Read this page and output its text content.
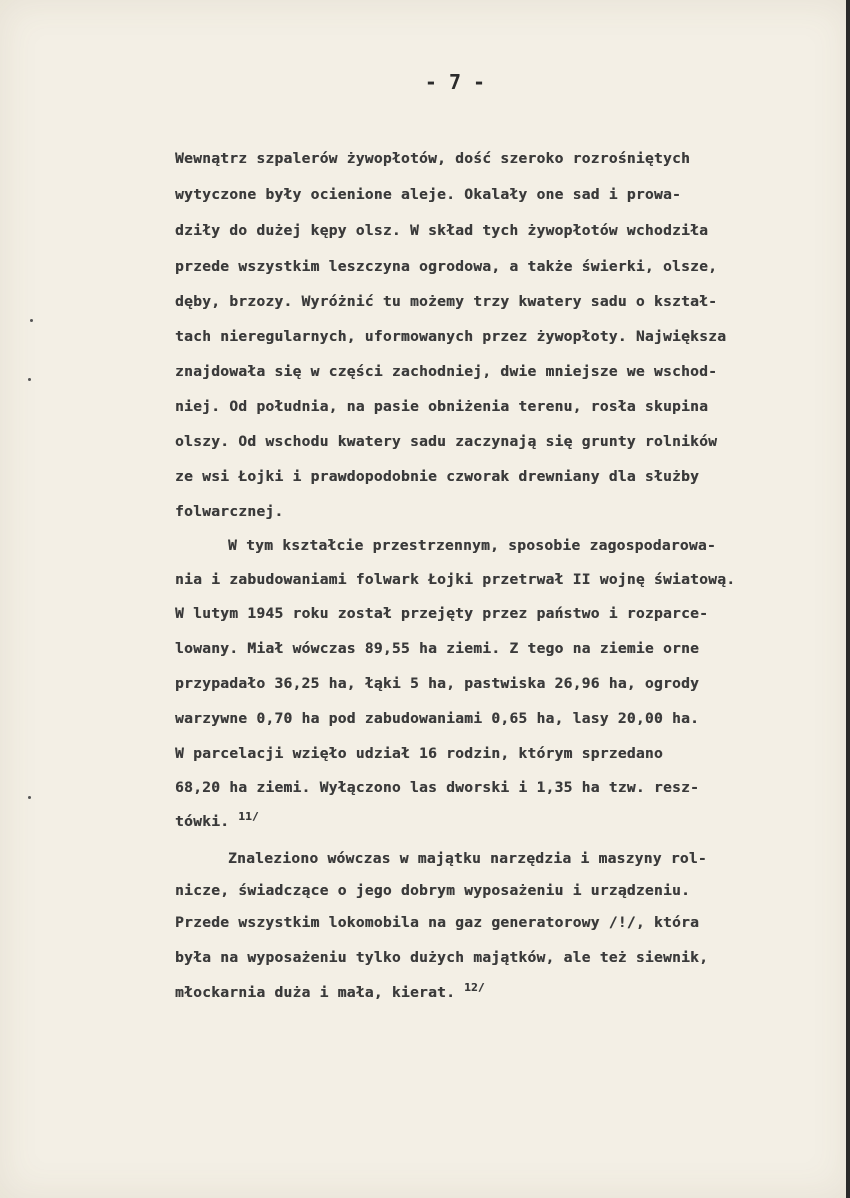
- 7 -
Wewnątrz szpalerów żywopłotów, dość szeroko rozrośniętych
wytyczone były ocienione aleje. Okalały one sad i prowa-
dziły do dużej kępy olsz. W skład tych żywopłotów wchodziła
przede wszystkim leszczyna ogrodowa, a także świerki, olsze,
dęby, brzozy. Wyróżnić tu możemy trzy kwatery sadu o kształ-
tach nieregularnych, uformowanych przez żywopłoty. Największa
znajdowała się w części zachodniej, dwie mniejsze we wschod-
niej. Od południa, na pasie obniżenia terenu, rosła skupina
olszy. Od wschodu kwatery sadu zaczynają się grunty rolników
ze wsi Łojki i prawdopodobnie czworak drewniany dla służby
folwarcznej.
W tym kształcie przestrzennym, sposobie zagospodarowa-
nia i zabudowaniami folwark Łojki przetrwał II wojnę światową.
W lutym 1945 roku został przejęty przez państwo i rozparce-
lowany. Miał wówczas 89,55 ha ziemi. Z tego na ziemie orne
przypadało 36,25 ha, łąki 5 ha, pastwiska 26,96 ha, ogrody
warzywne 0,70 ha pod zabudowaniami 0,65 ha, lasy 20,00 ha.
W parcelacji wzięło udział 16 rodzin, którym sprzedano
68,20 ha ziemi. Wyłączono las dworski i 1,35 ha tzw. resz-
tówki. $^{11/}$
Znaleziono wówczas w majątku narzędzia i maszyny rol-
nicze, świadczące o jego dobrym wyposażeniu i urządzeniu.
Przede wszystkim lokomobila na gaz generatorowy /!/, która
była na wyposażeniu tylko dużych majątków, ale też siewnik,
młockarnia duża i mała, kierat. $^{12/}$
